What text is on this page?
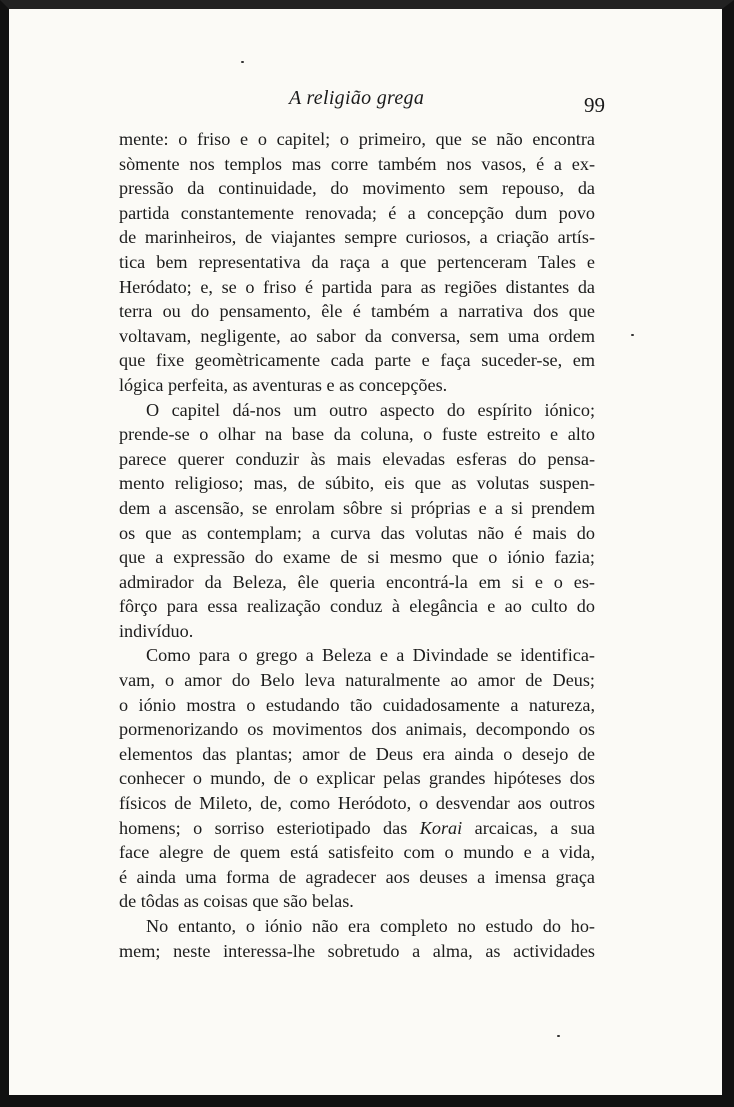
A religião grega	99
mente: o friso e o capitel; o primeiro, que se não encontra
sòmente nos templos mas corre também nos vasos, é a ex-
pressão da continuidade, do movimento sem repouso, da
partida constantemente renovada; é a concepção dum povo
de marinheiros, de viajantes sempre curiosos, a criação artís-
tica bem representativa da raça a que pertenceram Tales e
Heródato; e, se o friso é partida para as regiões distantes da
terra ou do pensamento, êle é também a narrativa dos que
voltavam, negligente, ao sabor da conversa, sem uma ordem
que fixe geomètricamente cada parte e faça suceder-se, em
lógica perfeita, as aventuras e as concepções.
O capitel dá-nos um outro aspecto do espírito iónico;
prende-se o olhar na base da coluna, o fuste estreito e alto
parece querer conduzir às mais elevadas esferas do pensa-
mento religioso; mas, de súbito, eis que as volutas suspen-
dem a ascensão, se enrolam sôbre si próprias e a si prendem
os que as contemplam; a curva das volutas não é mais do
que a expressão do exame de si mesmo que o iónio fazia;
admirador da Beleza, êle queria encontrá-la em si e o es-
fôrço para essa realização conduz à elegância e ao culto do
indivíduo.
Como para o grego a Beleza e a Divindade se identifica-
vam, o amor do Belo leva naturalmente ao amor de Deus;
o iónio mostra o estudando tão cuidadosamente a natureza,
pormenorizando os movimentos dos animais, decompondo os
elementos das plantas; amor de Deus era ainda o desejo de
conhecer o mundo, de o explicar pelas grandes hipóteses dos
físicos de Mileto, de, como Heródoto, o desvendar aos outros
homens; o sorriso esteriotipado das Korai arcaicas, a sua
face alegre de quem está satisfeito com o mundo e a vida,
é ainda uma forma de agradecer aos deuses a imensa graça
de tôdas as coisas que são belas.
No entanto, o iónio não era completo no estudo do ho-
mem; neste interessa-lhe sobretudo a alma, as actividades
